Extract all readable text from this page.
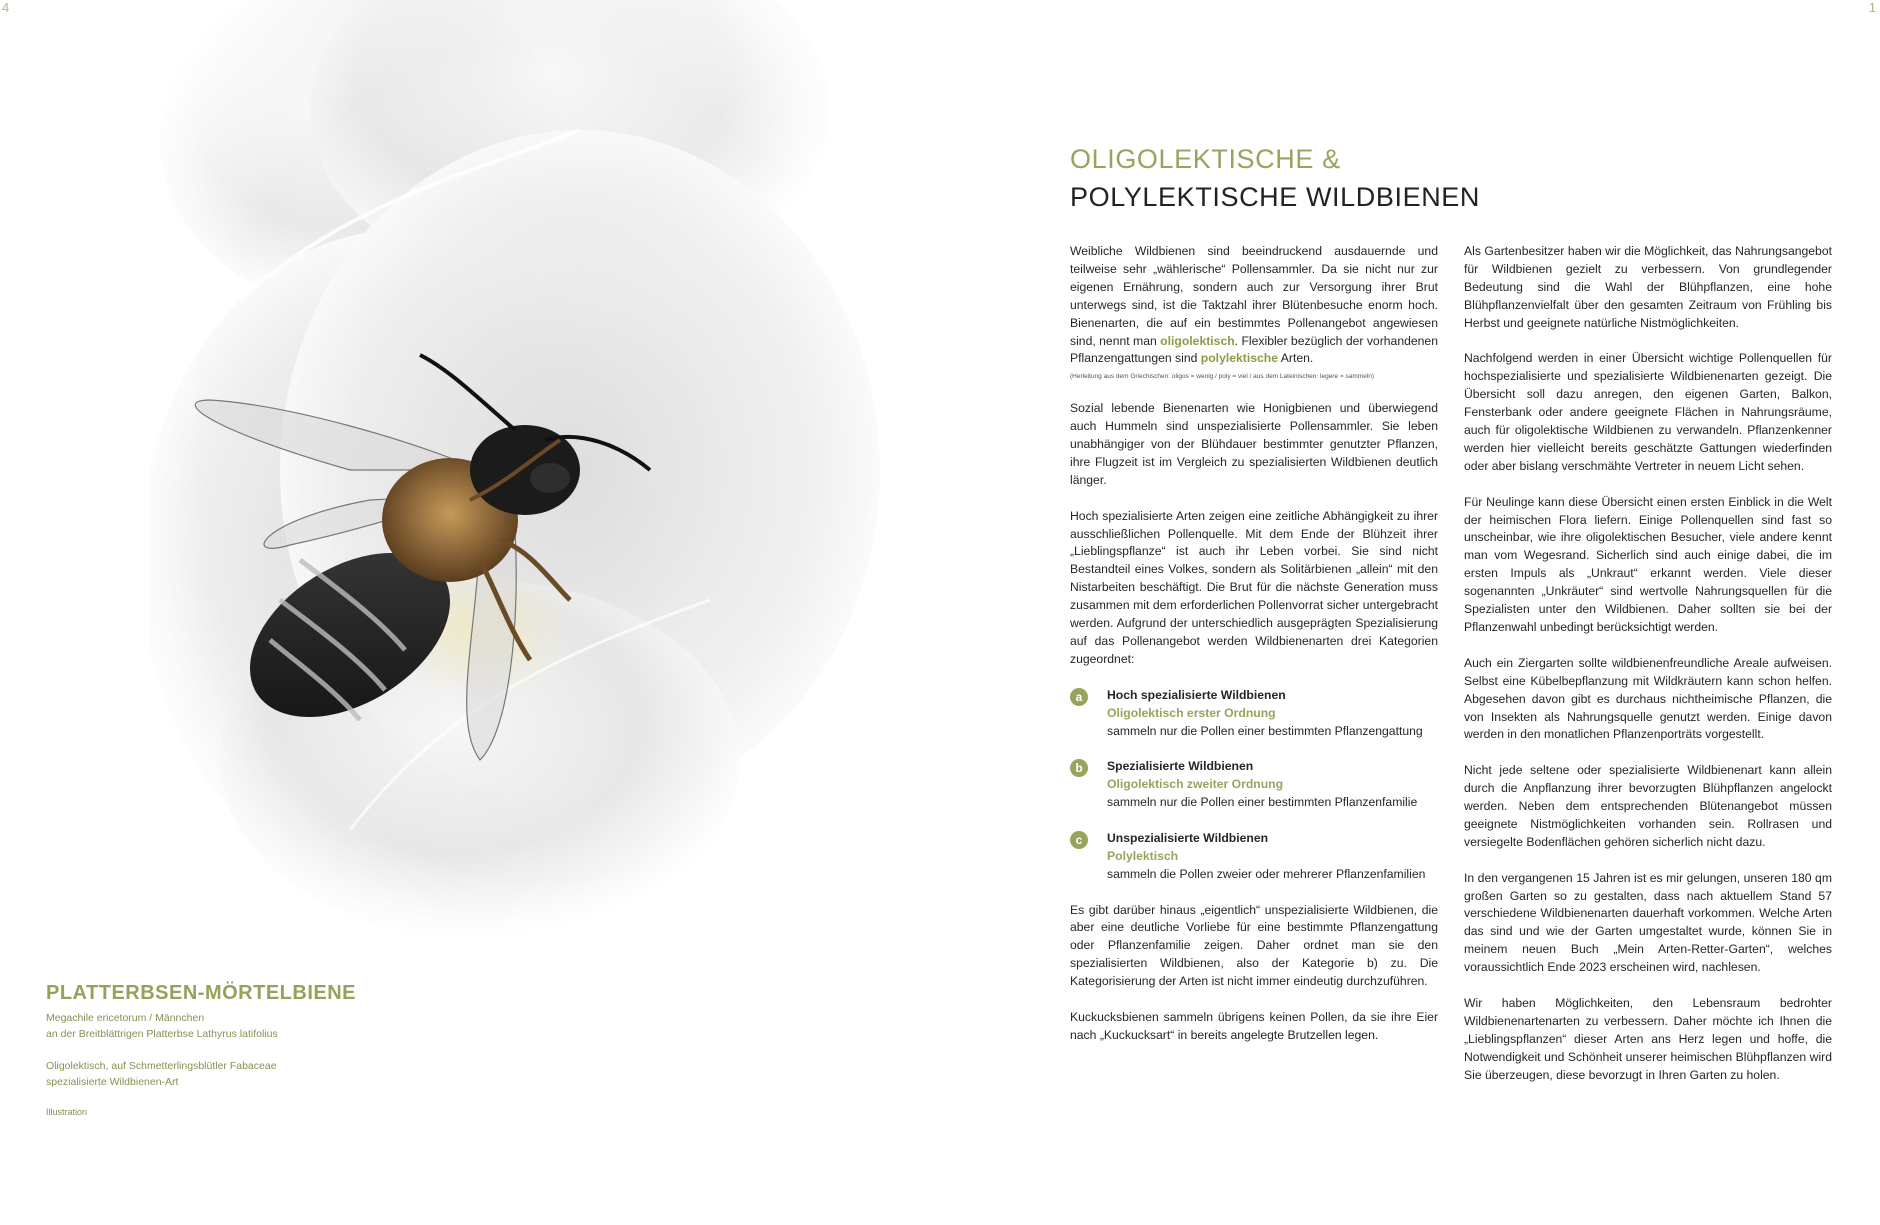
4	1
PLATTERBSEN-MÖRTELBIENE

Megachile ericetorum / Männchen

an der Breitblättrigen Platterbse Lathyrus latifolius

Oligolektisch, auf Schmetterlingsblütler Fabaceae

spezialisierte Wildbienen-Art

Illustration

OLIGOLEKTISCHE &
POLYLEKTISCHE WILDBIENEN

Weibliche Wildbienen sind beeindruckend ausdauernde und teilweise sehr „wählerische“ Pollensammler. Da sie nicht nur zur eigenen Ernährung, sondern auch zur Versorgung ihrer Brut unterwegs sind, ist die Taktzahl ihrer Blütenbesuche enorm hoch. Bienenarten, die auf ein bestimmtes Pollenangebot angewiesen sind, nennt man oligolektisch. Flexibler bezüglich der vorhandenen Pflanzengattungen sind polylektische Arten.

(Herleitung aus dem Griechischen: oligos = wenig / poly = viel / aus dem Lateinischen: legere = sammeln)

Sozial lebende Bienenarten wie Honigbienen und überwiegend auch Hummeln sind unspezialisierte Pollensammler. Sie leben unabhängiger von der Blühdauer bestimmter genutzter Pflanzen, ihre Flugzeit ist im Vergleich zu spezialisierten Wildbienen deutlich länger.

Hoch spezialisierte Arten zeigen eine zeitliche Abhängigkeit zu ihrer ausschließlichen Pollenquelle. Mit dem Ende der Blühzeit ihrer „Lieblingspflanze“ ist auch ihr Leben vorbei. Sie sind nicht Bestandteil eines Volkes, sondern als Solitärbienen „allein“ mit den Nistarbeiten beschäftigt. Die Brut für die nächste Generation muss zusammen mit dem erforderlichen Pollenvorrat sicher untergebracht werden. Aufgrund der unterschiedlich ausgeprägten Spezialisierung auf das Pollenangebot werden Wildbienenarten drei Kategorien zugeordnet:

a	Hoch spezialisierte Wildbienen
Oligolektisch erster Ordnung
sammeln nur die Pollen einer bestimmten Pflanzengattung
b	Spezialisierte Wildbienen
Oligolektisch zweiter Ordnung
sammeln nur die Pollen einer bestimmten Pflanzenfamilie
c	Unspezialisierte Wildbienen
Polylektisch
sammeln die Pollen zweier oder mehrerer Pflanzenfamilien

Es gibt darüber hinaus „eigentlich“ unspezialisierte Wildbienen, die aber eine deutliche Vorliebe für eine bestimmte Pflanzengattung oder Pflanzenfamilie zeigen. Daher ordnet man sie den spezialisierten Wildbienen, also der Kategorie b) zu. Die Kategorisierung der Arten ist nicht immer eindeutig durchzuführen.

Kuckucksbienen sammeln übrigens keinen Pollen, da sie ihre Eier nach „Kuckucksart“ in bereits angelegte Brutzellen legen.

Als Gartenbesitzer haben wir die Möglichkeit, das Nahrungsangebot für Wildbienen gezielt zu verbessern. Von grundlegender Bedeutung sind die Wahl der Blühpflanzen, eine hohe Blühpflanzenvielfalt über den gesamten Zeitraum von Frühling bis Herbst und geeignete natürliche Nistmöglichkeiten.

Nachfolgend werden in einer Übersicht wichtige Pollenquellen für hochspezialisierte und spezialisierte Wildbienenarten gezeigt. Die Übersicht soll dazu anregen, den eigenen Garten, Balkon, Fensterbank oder andere geeignete Flächen in Nahrungsräume, auch für oligolektische Wildbienen zu verwandeln. Pflanzenkenner werden hier vielleicht bereits geschätzte Gattungen wiederfinden oder aber bislang verschmähte Vertreter in neuem Licht sehen.

Für Neulinge kann diese Übersicht einen ersten Einblick in die Welt der heimischen Flora liefern. Einige Pollenquellen sind fast so unscheinbar, wie ihre oligolektischen Besucher, viele andere kennt man vom Wegesrand. Sicherlich sind auch einige dabei, die im ersten Impuls als „Unkraut“ erkannt werden. Viele dieser sogenannten „Unkräuter“ sind wertvolle Nahrungsquellen für die Spezialisten unter den Wildbienen. Daher sollten sie bei der Pflanzenwahl unbedingt berücksichtigt werden.

Auch ein Ziergarten sollte wildbienenfreundliche Areale aufweisen. Selbst eine Kübelbepflanzung mit Wildkräutern kann schon helfen. Abgesehen davon gibt es durchaus nichtheimische Pflanzen, die von Insekten als Nahrungsquelle genutzt werden. Einige davon werden in den monatlichen Pflanzenporträts vorgestellt.

Nicht jede seltene oder spezialisierte Wildbienenart kann allein durch die Anpflanzung ihrer bevorzugten Blühpflanzen angelockt werden. Neben dem entsprechenden Blütenangebot müssen geeignete Nistmöglichkeiten vorhanden sein. Rollrasen und versiegelte Bodenflächen gehören sicherlich nicht dazu.

In den vergangenen 15 Jahren ist es mir gelungen, unseren 180 qm großen Garten so zu gestalten, dass nach aktuellem Stand 57 verschiedene Wildbienenarten dauerhaft vorkommen. Welche Arten das sind und wie der Garten umgestaltet wurde, können Sie in meinem neuen Buch „Mein Arten-Retter-Garten“, welches voraussichtlich Ende 2023 erscheinen wird, nachlesen.

Wir haben Möglichkeiten, den Lebensraum bedrohter Wildbienenartenarten zu verbessern. Daher möchte ich Ihnen die „Lieblingspflanzen“ dieser Arten ans Herz legen und hoffe, die Notwendigkeit und Schönheit unserer heimischen Blühpflanzen wird Sie überzeugen, diese bevorzugt in Ihren Garten zu holen.
